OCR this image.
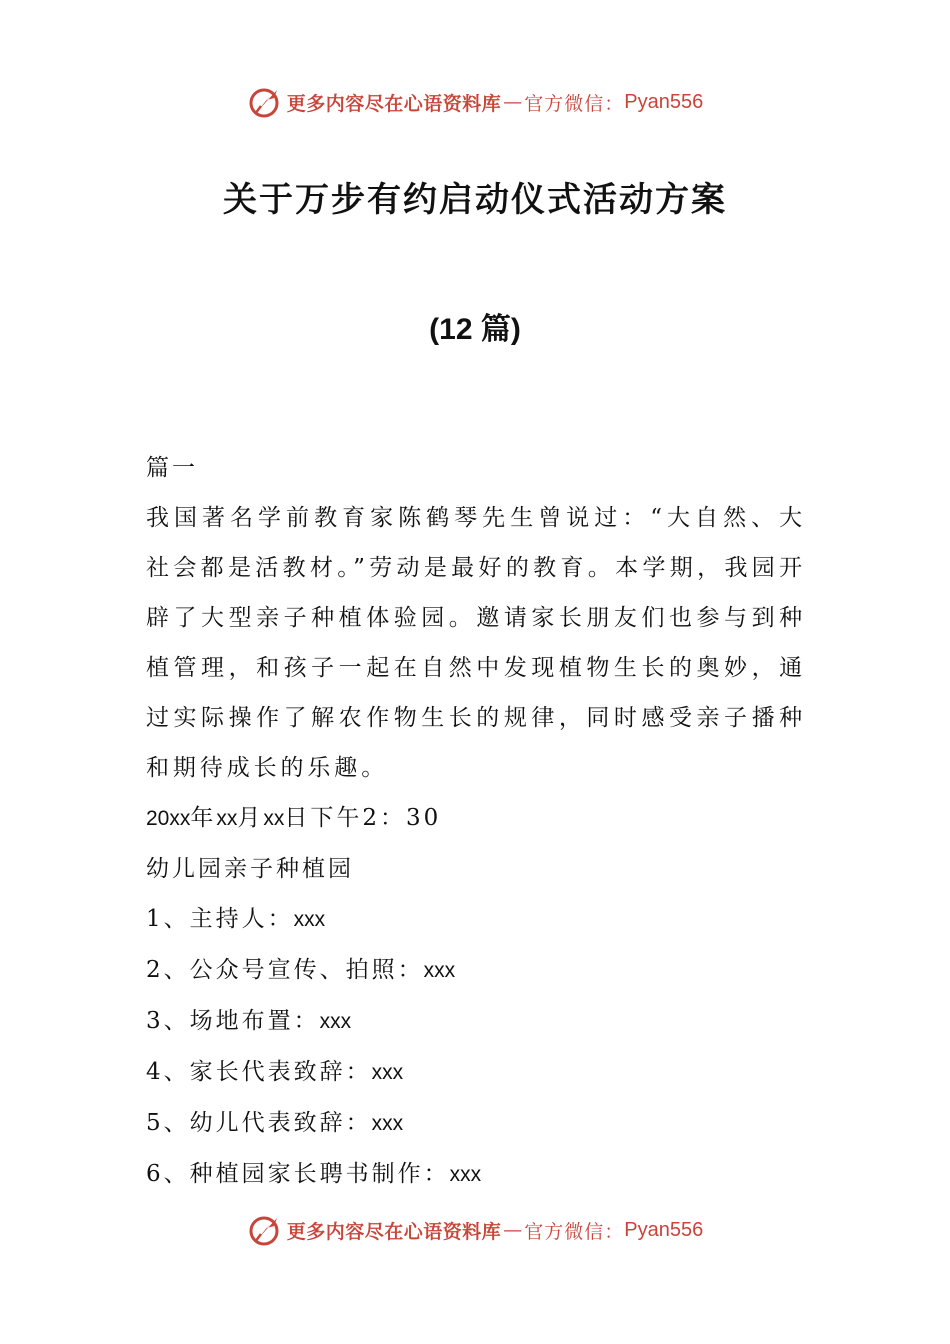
更多内容尽在心语资料库 — 官方微信： Pyan556
关于万步有约启动仪式活动方案
(12 篇)
篇一
我国著名学前教育家陈鹤琴先生曾说过：“大自然、大社会都是活教材。”劳动是最好的教育。本学期，我园开辟了大型亲子种植体验园。邀请家长朋友们也参与到种植管理，和孩子一起在自然中发现植物生长的奥妙，通过实际操作了解农作物生长的规律，同时感受亲子播种和期待成长的乐趣。
20xx年xx月xx日下午2：30
幼儿园亲子种植园
1、主持人：xxx
2、公众号宣传、拍照：xxx
3、场地布置：xxx
4、家长代表致辞：xxx
5、幼儿代表致辞：xxx
6、种植园家长聘书制作：xxx
更多内容尽在心语资料库 — 官方微信： Pyan556
